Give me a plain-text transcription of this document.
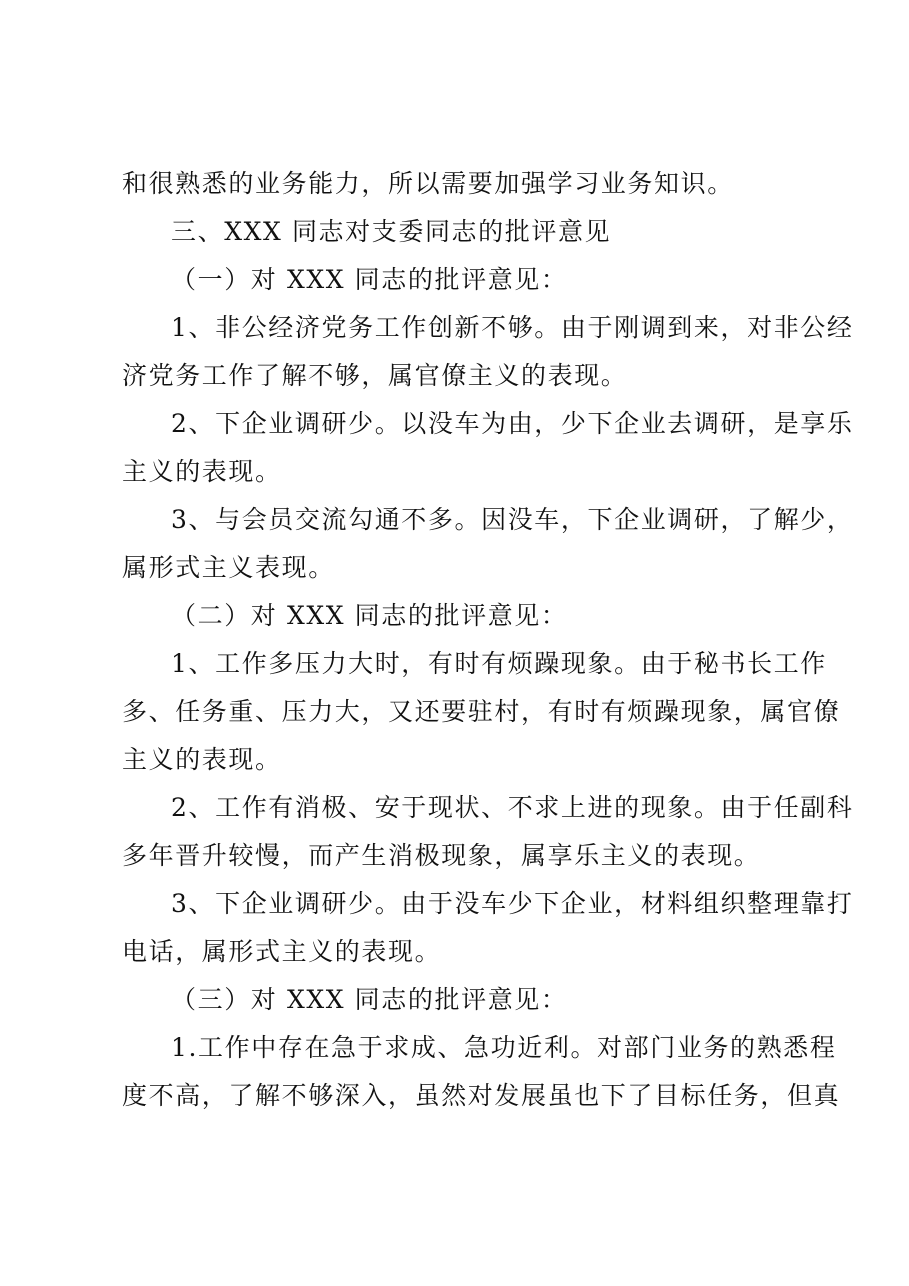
和很熟悉的业务能力，所以需要加强学习业务知识。
三、XXX 同志对支委同志的批评意见
（一）对 XXX 同志的批评意见：
1、非公经济党务工作创新不够。由于刚调到来，对非公经
济党务工作了解不够，属官僚主义的表现。
2、下企业调研少。以没车为由，少下企业去调研，是享乐
主义的表现。
3、与会员交流勾通不多。因没车，下企业调研，了解少，
属形式主义表现。
（二）对 XXX 同志的批评意见：
1、工作多压力大时，有时有烦躁现象。由于秘书长工作
多、任务重、压力大，又还要驻村，有时有烦躁现象，属官僚
主义的表现。
2、工作有消极、安于现状、不求上进的现象。由于任副科
多年晋升较慢，而产生消极现象，属享乐主义的表现。
3、下企业调研少。由于没车少下企业，材料组织整理靠打
电话，属形式主义的表现。
（三）对 XXX 同志的批评意见：
1.工作中存在急于求成、急功近利。对部门业务的熟悉程
度不高，了解不够深入，虽然对发展虽也下了目标任务，但真
